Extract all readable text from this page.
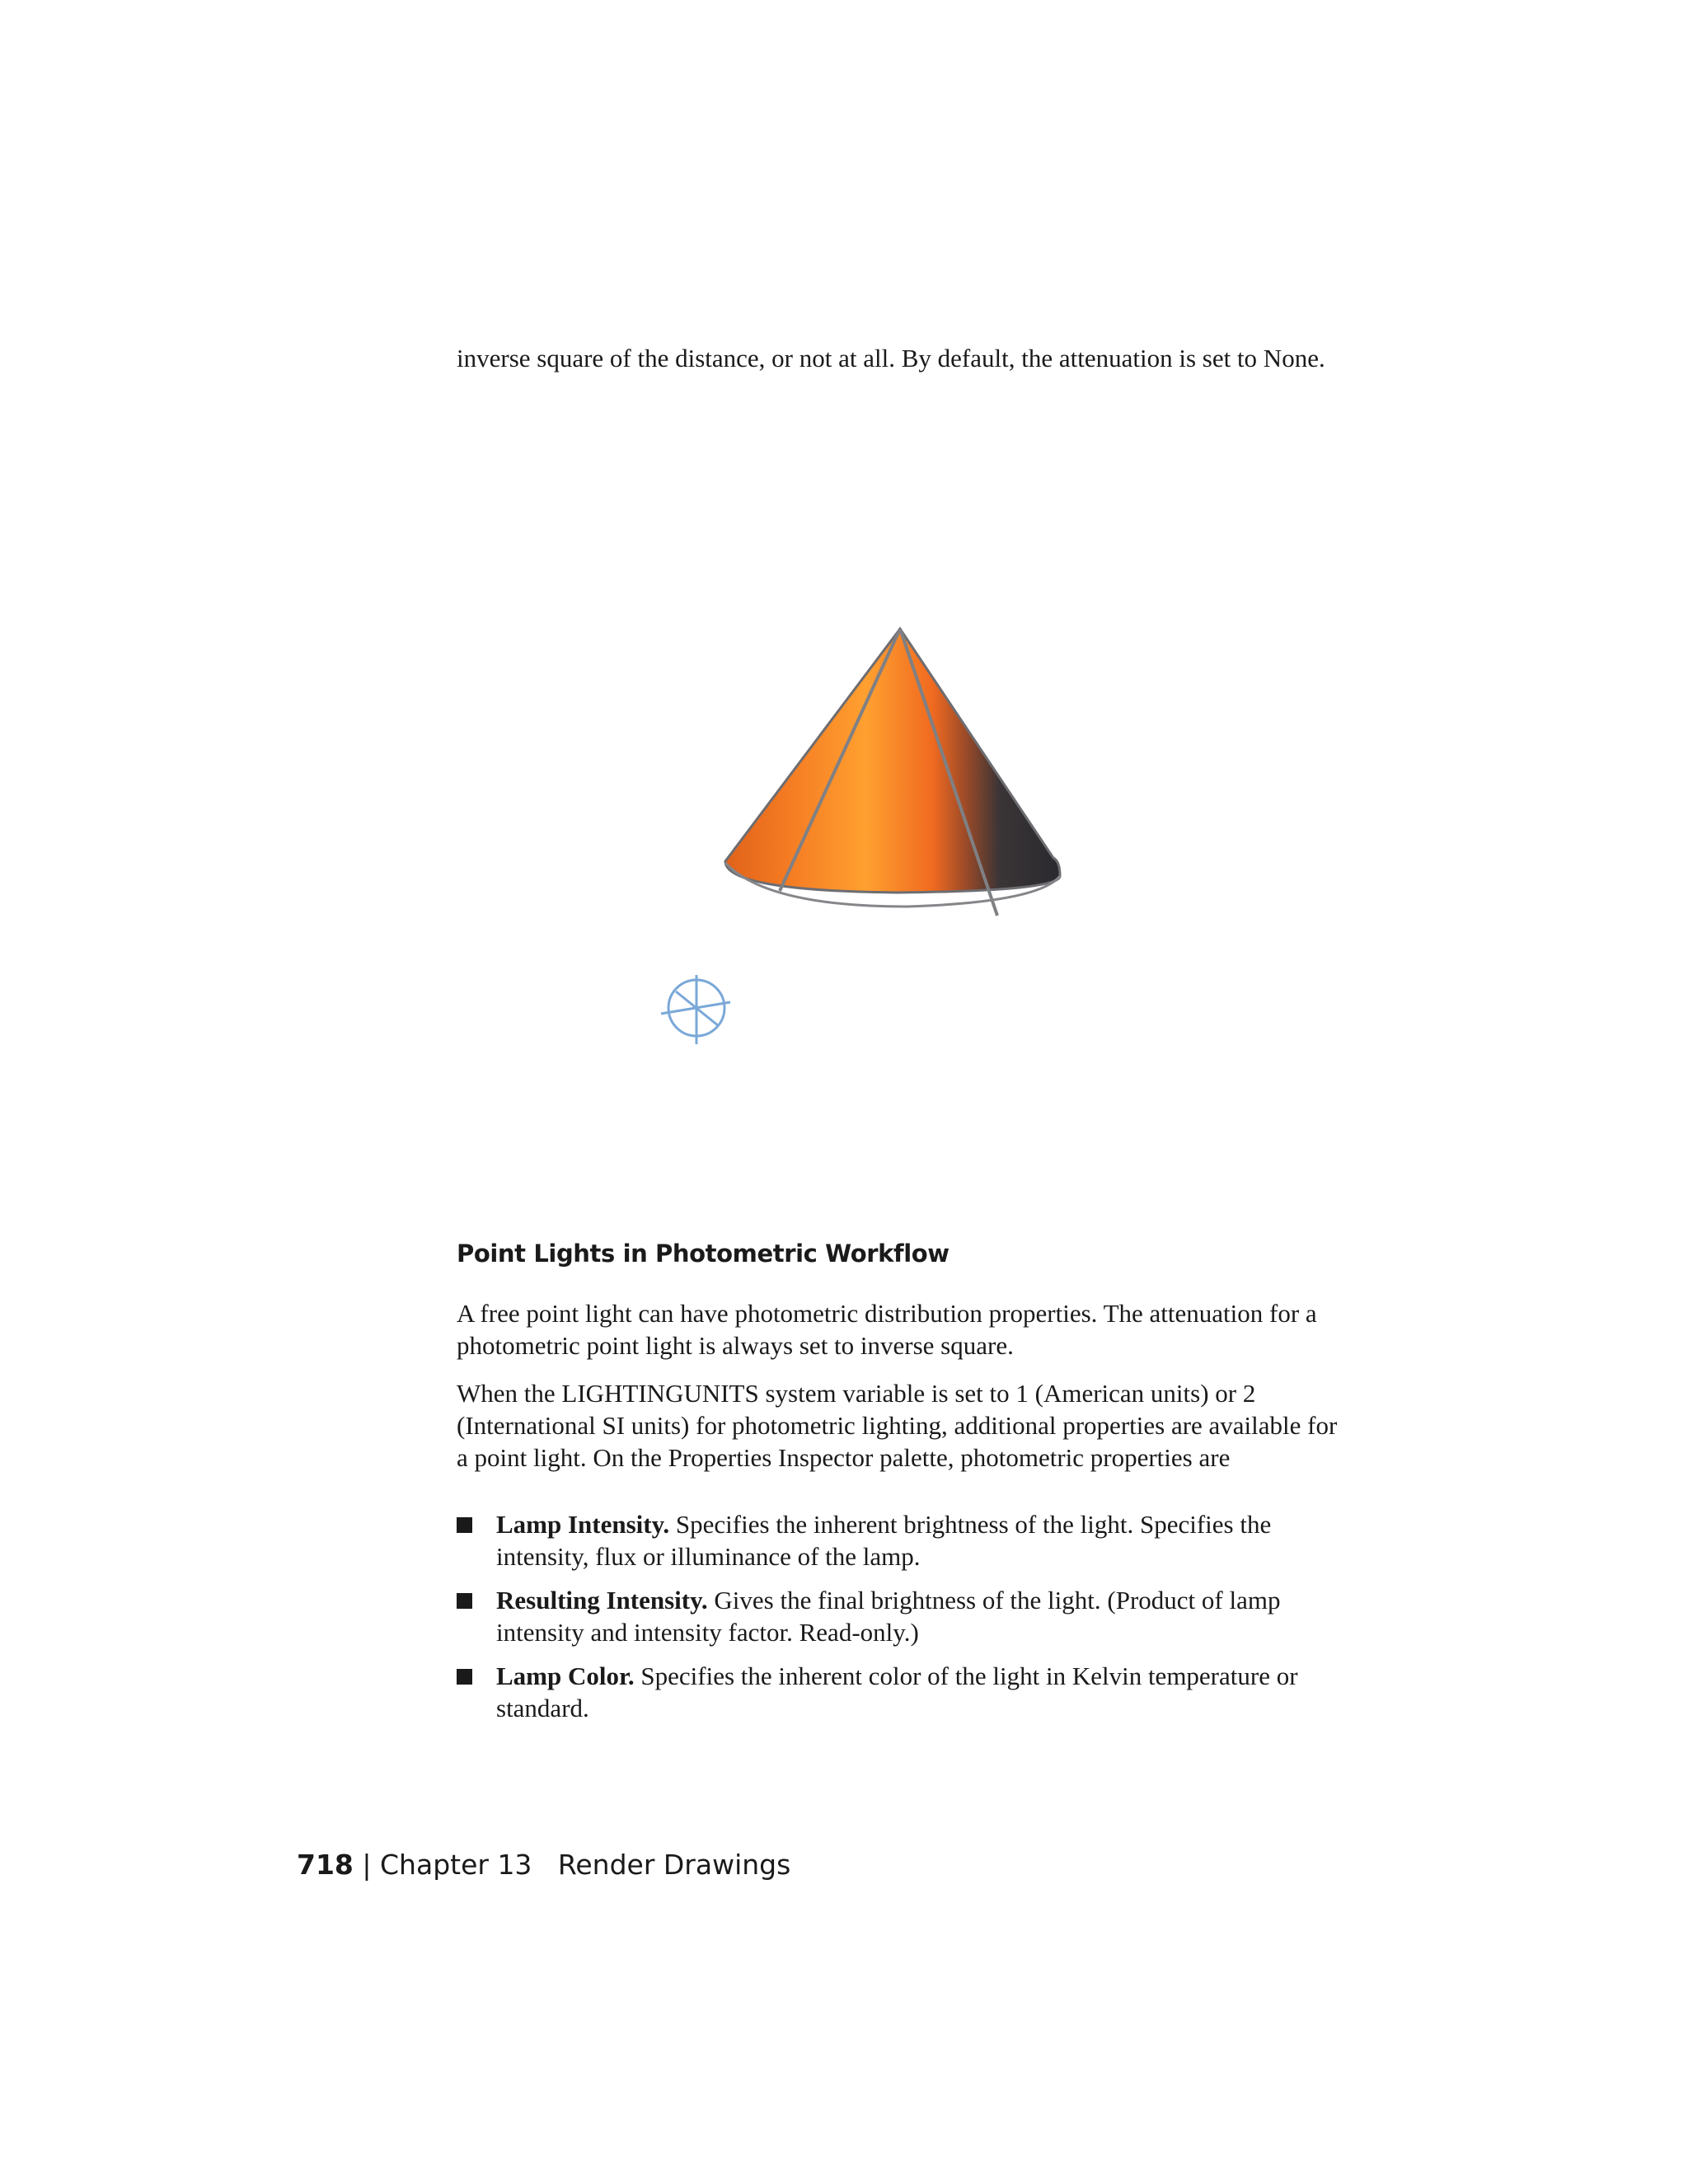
inverse square of the distance, or not at all. By default, the attenuation is set to None.
Point Lights in Photometric Workflow
A free point light can have photometric distribution properties. The attenuation for a photometric point light is always set to inverse square.
When the LIGHTINGUNITS system variable is set to 1 (American units) or 2 (International SI units) for photometric lighting, additional properties are available for a point light. On the Properties Inspector palette, photometric properties are
Lamp Intensity. Specifies the inherent brightness of the light. Specifies the intensity, flux or illuminance of the lamp.
Resulting Intensity. Gives the final brightness of the light. (Product of lamp intensity and intensity factor. Read-only.)
Lamp Color. Specifies the inherent color of the light in Kelvin temperature or standard.
718 | Chapter 13 Render Drawings
